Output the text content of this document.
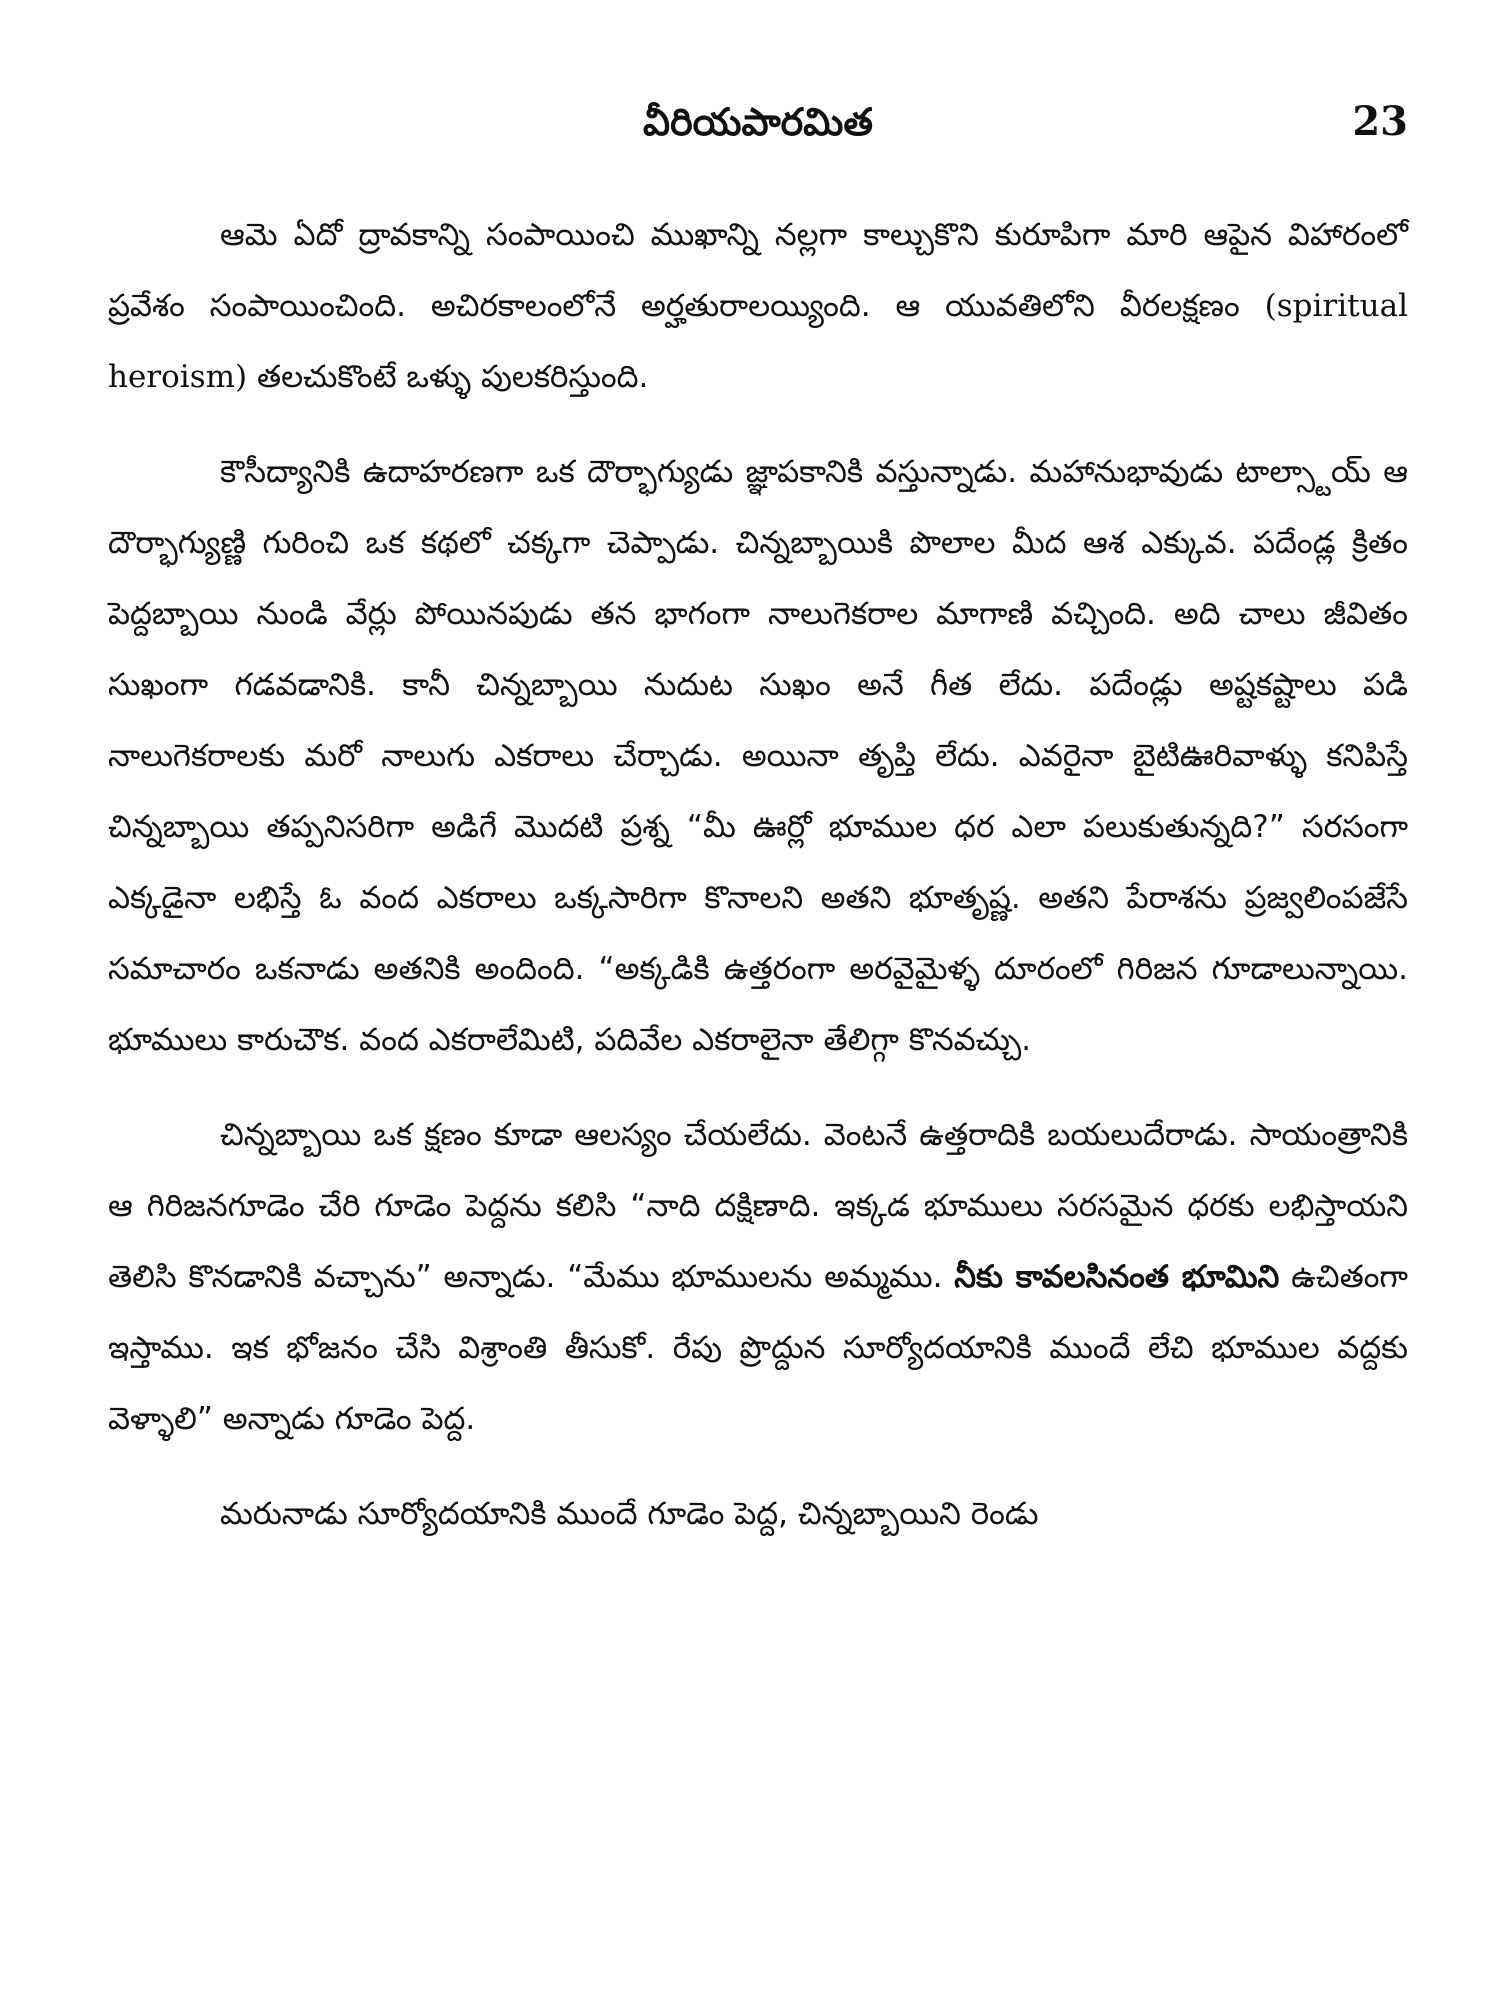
వీరియపారమిత	23

ఆమె ఏదో ద్రావకాన్ని సంపాయించి ముఖాన్ని నల్లగా కాల్చుకొని కురూపిగా మారి ఆపైన విహారంలో ప్రవేశం సంపాయించింది. అచిరకాలంలోనే అర్హతురాలయ్యింది. ఆ యువతిలోని వీరలక్షణం (spiritual heroism) తలచుకొంటే ఒళ్ళు పులకరిస్తుంది.

కౌసీద్యానికి ఉదాహరణగా ఒక దౌర్భాగ్యుడు జ్ఞాపకానికి వస్తున్నాడు. మహానుభావుడు టాల్స్టాయ్ ఆ దౌర్భాగ్యుణ్ణి గురించి ఒక కథలో చక్కగా చెప్పాడు. చిన్నబ్బాయికి పొలాల మీద ఆశ ఎక్కువ. పదేండ్ల క్రితం పెద్దబ్బాయి నుండి వేర్లు పోయినపుడు తన భాగంగా నాలుగెకరాల మాగాణి వచ్చింది. అది చాలు జీవితం సుఖంగా గడవడానికి. కానీ చిన్నబ్బాయి నుదుట సుఖం అనే గీత లేదు. పదేండ్లు అష్టకష్టాలు పడి నాలుగెకరాలకు మరో నాలుగు ఎకరాలు చేర్చాడు. అయినా తృప్తి లేదు. ఎవరైనా బైటిఊరివాళ్ళు కనిపిస్తే చిన్నబ్బాయి తప్పనిసరిగా అడిగే మొదటి ప్రశ్న “మీ ఊర్లో భూముల ధర ఎలా పలుకుతున్నది?” సరసంగా ఎక్కడైనా లభిస్తే ఓ వంద ఎకరాలు ఒక్కసారిగా కొనాలని అతని భూతృష్ణ. అతని పేరాశను ప్రజ్వలింపజేసే సమాచారం ఒకనాడు అతనికి అందింది. “అక్కడికి ఉత్తరంగా అరవైమైళ్ళ దూరంలో గిరిజన గూడాలున్నాయి. భూములు కారుచౌక. వంద ఎకరాలేమిటి, పదివేల ఎకరాలైనా తేలిగ్గా కొనవచ్చు.

చిన్నబ్బాయి ఒక క్షణం కూడా ఆలస్యం చేయలేదు. వెంటనే ఉత్తరాదికి బయలుదేరాడు. సాయంత్రానికి ఆ గిరిజనగూడెం చేరి గూడెం పెద్దను కలిసి “నాది దక్షిణాది. ఇక్కడ భూములు సరసమైన ధరకు లభిస్తాయని తెలిసి కొనడానికి వచ్చాను” అన్నాడు. “మేము భూములను అమ్మము. నీకు కావలసినంత భూమిని ఉచితంగా ఇస్తాము. ఇక భోజనం చేసి విశ్రాంతి తీసుకో. రేపు ప్రొద్దున సూర్యోదయానికి ముందే లేచి భూముల వద్దకు వెళ్ళాలి” అన్నాడు గూడెం పెద్ద.

మరునాడు సూర్యోదయానికి ముందే గూడెం పెద్ద, చిన్నబ్బాయిని రెండు
